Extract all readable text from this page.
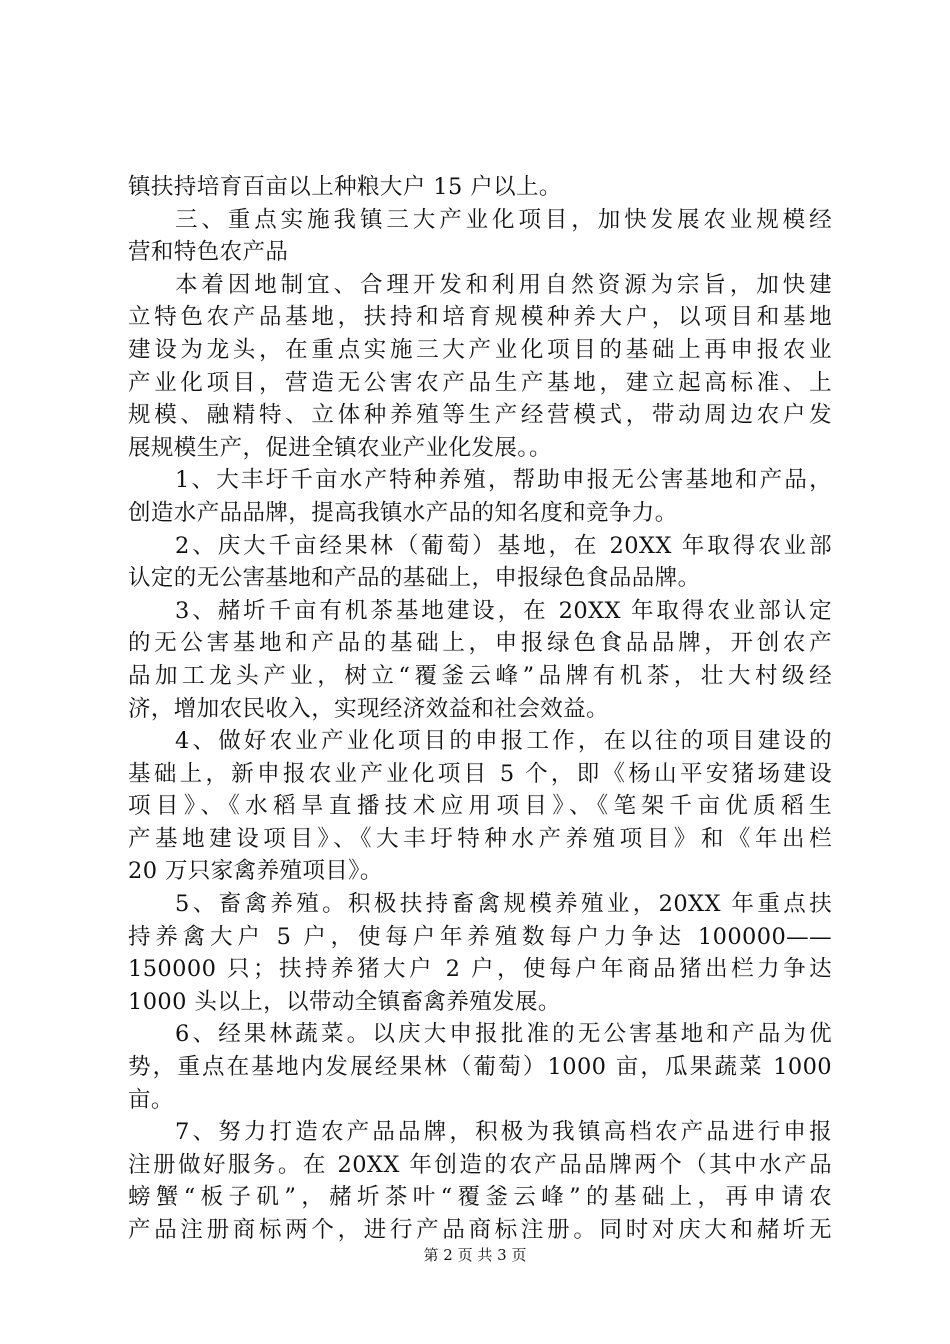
镇扶持培育百亩以上种粮大户 15 户以上。
三、重点实施我镇三大产业化项目，加快发展农业规模经
营和特色农产品
本着因地制宜、合理开发和利用自然资源为宗旨，加快建
立特色农产品基地，扶持和培育规模种养大户，以项目和基地
建设为龙头，在重点实施三大产业化项目的基础上再申报农业
产业化项目，营造无公害农产品生产基地，建立起高标准、上
规模、融精特、立体种养殖等生产经营模式，带动周边农户发
展规模生产，促进全镇农业产业化发展。。
1、大丰圩千亩水产特种养殖，帮助申报无公害基地和产品，
创造水产品品牌，提高我镇水产品的知名度和竞争力。
2、庆大千亩经果林（葡萄）基地，在 20XX 年取得农业部
认定的无公害基地和产品的基础上，申报绿色食品品牌。
3、赭圻千亩有机茶基地建设，在 20XX 年取得农业部认定
的无公害基地和产品的基础上，申报绿色食品品牌，开创农产
品加工龙头产业，树立“覆釜云峰”品牌有机茶，壮大村级经
济，增加农民收入，实现经济效益和社会效益。
4、做好农业产业化项目的申报工作，在以往的项目建设的
基础上，新申报农业产业化项目 5 个，即《杨山平安猪场建设
项目》、《水稻旱直播技术应用项目》、《笔架千亩优质稻生
产基地建设项目》、《大丰圩特种水产养殖项目》和《年出栏
20 万只家禽养殖项目》。
5、畜禽养殖。积极扶持畜禽规模养殖业，20XX 年重点扶
持养禽大户 5 户，使每户年养殖数每户力争达 100000——
150000 只；扶持养猪大户 2 户，使每户年商品猪出栏力争达
1000 头以上，以带动全镇畜禽养殖发展。
6、经果林蔬菜。以庆大申报批准的无公害基地和产品为优
势，重点在基地内发展经果林（葡萄）1000 亩，瓜果蔬菜 1000
亩。
7、努力打造农产品品牌，积极为我镇高档农产品进行申报
注册做好服务。在 20XX 年创造的农产品品牌两个（其中水产品
螃蟹“板子矶”，赭圻茶叶“覆釜云峰”的基础上，再申请农
产品注册商标两个，进行产品商标注册。同时对庆大和赭圻无
第 2 页 共 3 页
